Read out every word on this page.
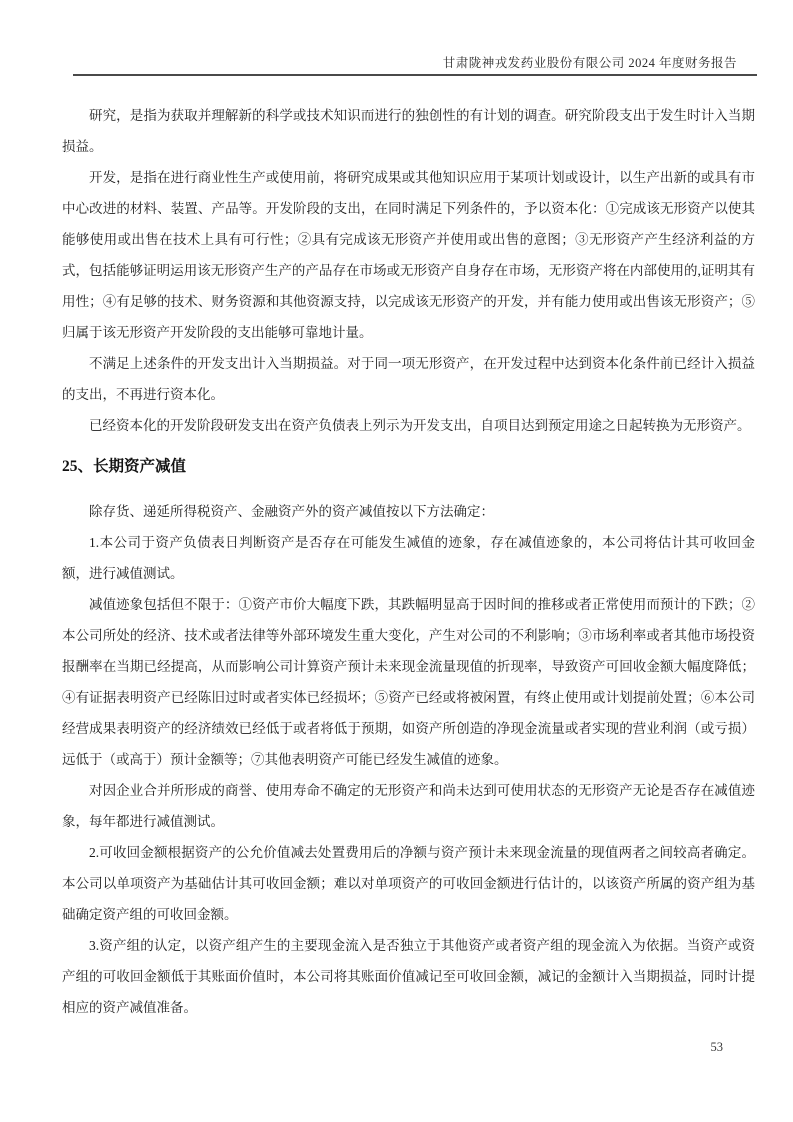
甘肃陇神戎发药业股份有限公司 2024 年度财务报告

研究，是指为获取并理解新的科学或技术知识而进行的独创性的有计划的调查。研究阶段支出于发生时计入当期损益。

开发，是指在进行商业性生产或使用前，将研究成果或其他知识应用于某项计划或设计，以生产出新的或具有市中心改进的材料、装置、产品等。开发阶段的支出，在同时满足下列条件的，予以资本化：①完成该无形资产以使其能够使用或出售在技术上具有可行性；②具有完成该无形资产并使用或出售的意图；③无形资产产生经济利益的方式，包括能够证明运用该无形资产生产的产品存在市场或无形资产自身存在市场，无形资产将在内部使用的,证明其有用性；④有足够的技术、财务资源和其他资源支持，以完成该无形资产的开发，并有能力使用或出售该无形资产；⑤归属于该无形资产开发阶段的支出能够可靠地计量。

不满足上述条件的开发支出计入当期损益。对于同一项无形资产，在开发过程中达到资本化条件前已经计入损益的支出，不再进行资本化。

已经资本化的开发阶段研发支出在资产负债表上列示为开发支出，自项目达到预定用途之日起转换为无形资产。

25、长期资产减值

除存货、递延所得税资产、金融资产外的资产减值按以下方法确定：

1.本公司于资产负债表日判断资产是否存在可能发生减值的迹象，存在减值迹象的，本公司将估计其可收回金额，进行减值测试。

减值迹象包括但不限于：①资产市价大幅度下跌，其跌幅明显高于因时间的推移或者正常使用而预计的下跌；②本公司所处的经济、技术或者法律等外部环境发生重大变化，产生对公司的不利影响；③市场利率或者其他市场投资报酬率在当期已经提高，从而影响公司计算资产预计未来现金流量现值的折现率，导致资产可回收金额大幅度降低；④有证据表明资产已经陈旧过时或者实体已经损坏；⑤资产已经或将被闲置，有终止使用或计划提前处置；⑥本公司经营成果表明资产的经济绩效已经低于或者将低于预期，如资产所创造的净现金流量或者实现的营业利润（或亏损）远低于（或高于）预计金额等；⑦其他表明资产可能已经发生减值的迹象。

对因企业合并所形成的商誉、使用寿命不确定的无形资产和尚未达到可使用状态的无形资产无论是否存在减值迹象，每年都进行减值测试。

2.可收回金额根据资产的公允价值减去处置费用后的净额与资产预计未来现金流量的现值两者之间较高者确定。本公司以单项资产为基础估计其可收回金额；难以对单项资产的可收回金额进行估计的，以该资产所属的资产组为基础确定资产组的可收回金额。

3.资产组的认定，以资产组产生的主要现金流入是否独立于其他资产或者资产组的现金流入为依据。当资产或资产组的可收回金额低于其账面价值时，本公司将其账面价值减记至可收回金额，减记的金额计入当期损益，同时计提相应的资产减值准备。

53
